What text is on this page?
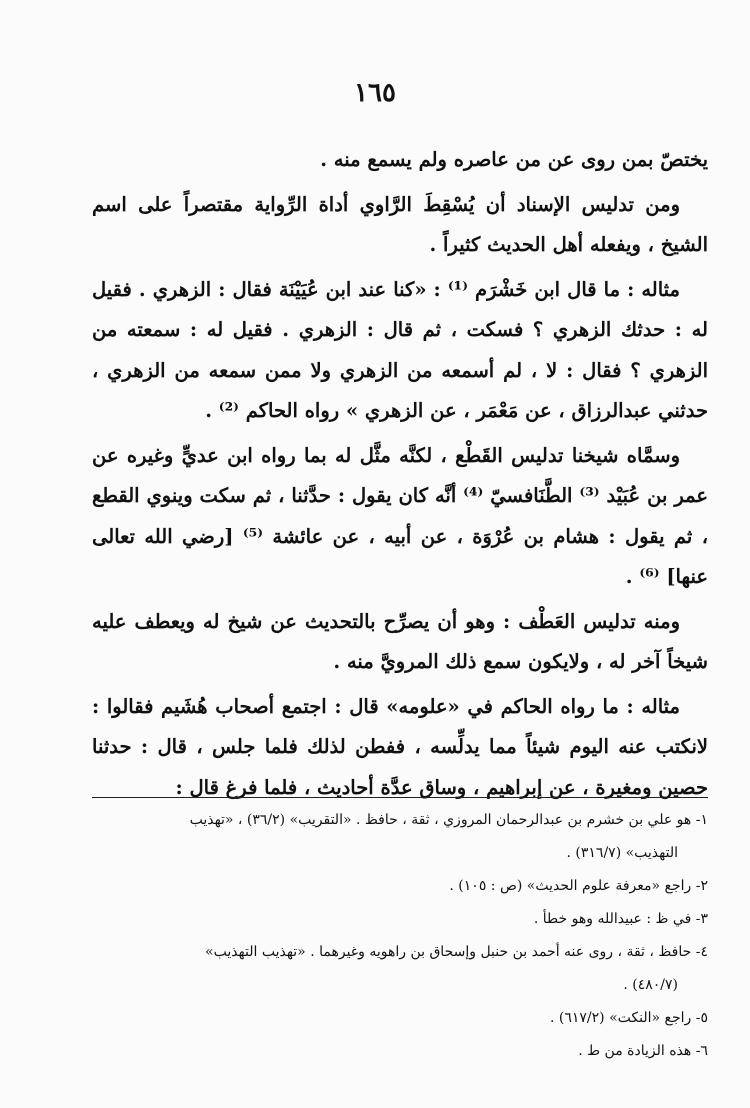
١٦٥

يختصّ بمن روى عن من عاصره ولم يسمع منه .

ومن تدليس الإسناد أن يُسْقِطَ الرَّاوي أداة الرِّواية مقتصراً على اسم الشيخ ، ويفعله أهل الحديث كثيراً .

مثاله : ما قال ابن خَشْرَم ⁽¹⁾ : «كنا عند ابن عُيَيْنَة فقال : الزهري . فقيل له : حدثك الزهري ؟ فسكت ، ثم قال : الزهري . فقيل له : سمعته من الزهري ؟ فقال : لا ، لم أسمعه من الزهري ولا ممن سمعه من الزهري ، حدثني عبدالرزاق ، عن مَعْمَر ، عن الزهري » رواه الحاكم ⁽²⁾ .

وسمَّاه شيخنا تدليس القَطْع ، لكنَّه مثَّل له بما رواه ابن عديٍّ وغيره عن عمر بن عُبَيْد ⁽³⁾ الطَّنَافسيّ ⁽⁴⁾ أنَّه كان يقول : حدَّثنا ، ثم سكت وينوي القطع ، ثم يقول : هشام بن عُرْوَة ، عن أبيه ، عن عائشة ⁽⁵⁾ [رضي الله تعالى عنها] ⁽⁶⁾ .

ومنه تدليس العَطْف : وهو أن يصرِّح بالتحديث عن شيخ له ويعطف عليه شيخاً آخر له ، ولايكون سمع ذلك المرويَّ منه .

مثاله : ما رواه الحاكم في «علومه» قال : اجتمع أصحاب هُشَيم فقالوا : لانكتب عنه اليوم شيئاً مما يدلِّسه ، ففطن لذلك فلما جلس ، قال : حدثنا حصين ومغيرة ، عن إبراهيم ، وساق عدَّة أحاديث ، فلما فرغ قال :

١- هو علي بن خشرم بن عبدالرحمان المروزي ، ثقة ، حافظ . «التقريب» (٣٦/٢) ، «تهذيب

التهذيب» (٣١٦/٧) .

٢- راجع «معرفة علوم الحديث» (ص : ١٠٥) .

٣- في ظ : عبيدالله وهو خطأ .

٤- حافظ ، ثقة ، روى عنه أحمد بن حنبل وإسحاق بن راهويه وغيرهما . «تهذيب التهذيب»

(٤٨٠/٧) .

٥- راجع «النكت» (٦١٧/٢) .

٦- هذه الزيادة من ط .
